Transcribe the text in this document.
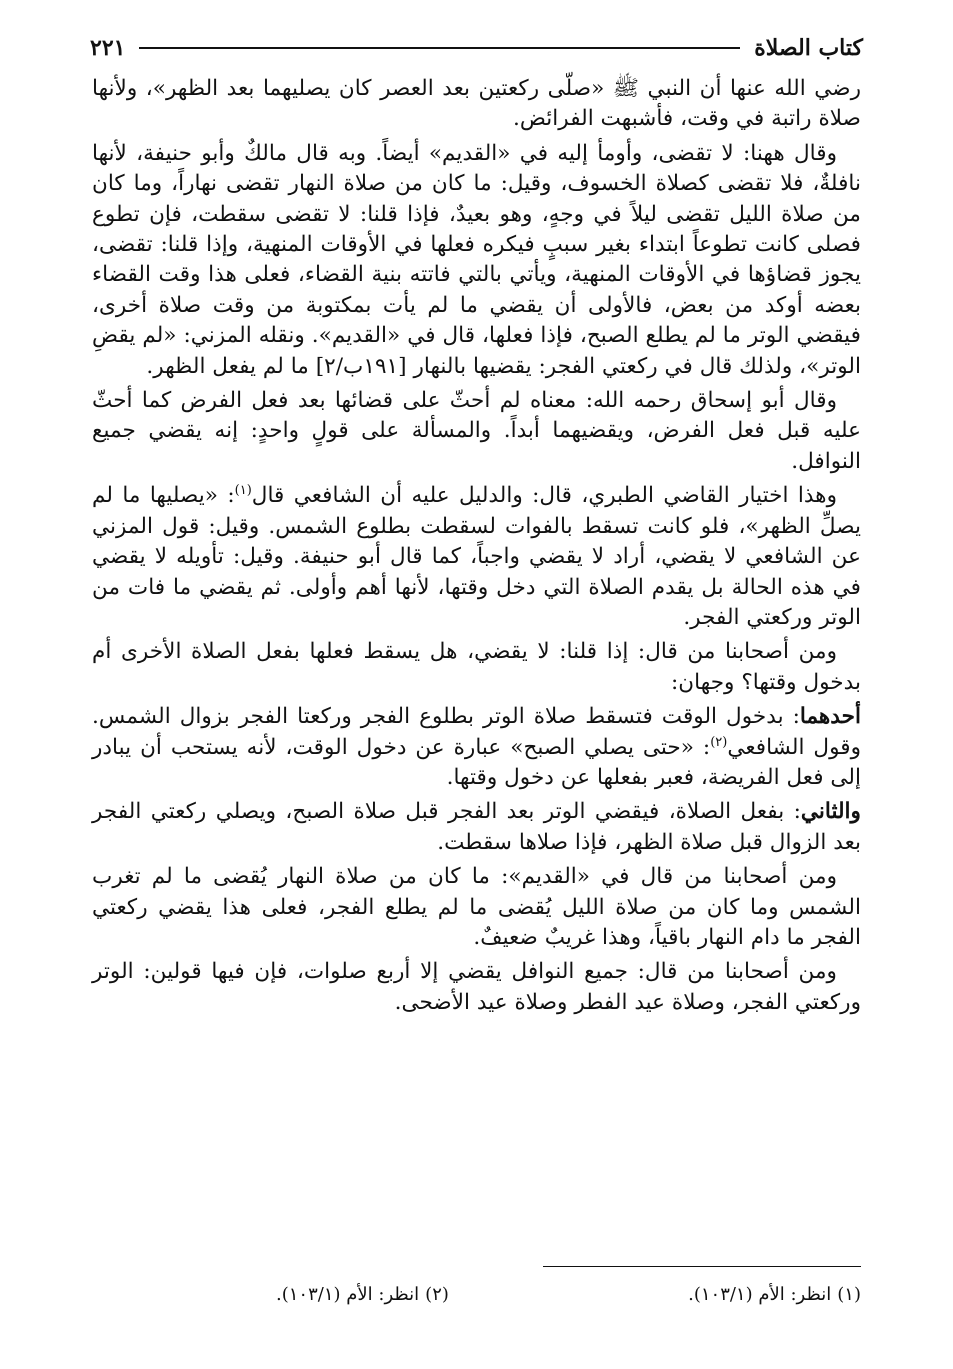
كتاب الصلاة
٢٢١

رضي الله عنها أن النبي ﷺ «صلّى ركعتين بعد العصر كان يصليهما بعد الظهر»، ولأنها صلاة راتبة في وقت، فأشبهت الفرائض.

وقال ههنا: لا تقضى، وأومأ إليه في «القديم» أيضاً. وبه قال مالكٌ وأبو حنيفة، لأنها نافلةٌ، فلا تقضى كصلاة الخسوف، وقيل: ما كان من صلاة النهار تقضى نهاراً، وما كان من صلاة الليل تقضى ليلاً في وجهٍ، وهو بعيدٌ، فإذا قلنا: لا تقضى سقطت، فإن تطوع فصلى كانت تطوعاً ابتداء بغير سببٍ فيكره فعلها في الأوقات المنهية، وإذا قلنا: تقضى، يجوز قضاؤها في الأوقات المنهية، ويأتي بالتي فاتته بنية القضاء، فعلى هذا وقت القضاء بعضه أوكد من بعض، فالأولى أن يقضي ما لم يأت بمكتوبة من وقت صلاة أخرى، فيقضي الوتر ما لم يطلع الصبح، فإذا فعلها، قال في «القديم». ونقله المزني: «لم يقضِ الوتر»، ولذلك قال في ركعتي الفجر: يقضيها بالنهار [١٩١ب/٢] ما لم يفعل الظهر.

وقال أبو إسحاق رحمه الله: معناه لم أحثّ على قضائها بعد فعل الفرض كما أحثّ عليه قبل فعل الفرض، ويقضيهما أبداً. والمسألة على قولٍ واحدٍ: إنه يقضي جميع النوافل.

وهذا اختيار القاضي الطبري، قال: والدليل عليه أن الشافعي قال$^{(١)}$: «يصليها ما لم يصلِّ الظهر»، فلو كانت تسقط بالفوات لسقطت بطلوع الشمس. وقيل: قول المزني عن الشافعي لا يقضي، أراد لا يقضي واجباً، كما قال أبو حنيفة. وقيل: تأويله لا يقضي في هذه الحالة بل يقدم الصلاة التي دخل وقتها، لأنها أهم وأولى. ثم يقضي ما فات من الوتر وركعتي الفجر.

ومن أصحابنا من قال: إذا قلنا: لا يقضي، هل يسقط فعلها بفعل الصلاة الأخرى أم بدخول وقتها؟ وجهان:

أحدهما: بدخول الوقت فتسقط صلاة الوتر بطلوع الفجر وركعتا الفجر بزوال الشمس. وقول الشافعي$^{(٢)}$: «حتى يصلي الصبح» عبارة عن دخول الوقت، لأنه يستحب أن يبادر إلى فعل الفريضة، فعبر بفعلها عن دخول وقتها.

والثاني: بفعل الصلاة، فيقضي الوتر بعد الفجر قبل صلاة الصبح، ويصلي ركعتي الفجر بعد الزوال قبل صلاة الظهر، فإذا صلاها سقطت.

ومن أصحابنا من قال في «القديم»: ما كان من صلاة النهار يُقضى ما لم تغرب الشمس وما كان من صلاة الليل يُقضى ما لم يطلع الفجر، فعلى هذا يقضي ركعتي الفجر ما دام النهار باقياً، وهذا غريبٌ ضعيفٌ.

ومن أصحابنا من قال: جميع النوافل يقضي إلا أربع صلوات، فإن فيها قولين: الوتر وركعتي الفجر، وصلاة عيد الفطر وصلاة عيد الأضحى.

(١)انظر: الأم (١٠٣/١).
(٢)انظر: الأم (١٠٣/١).
